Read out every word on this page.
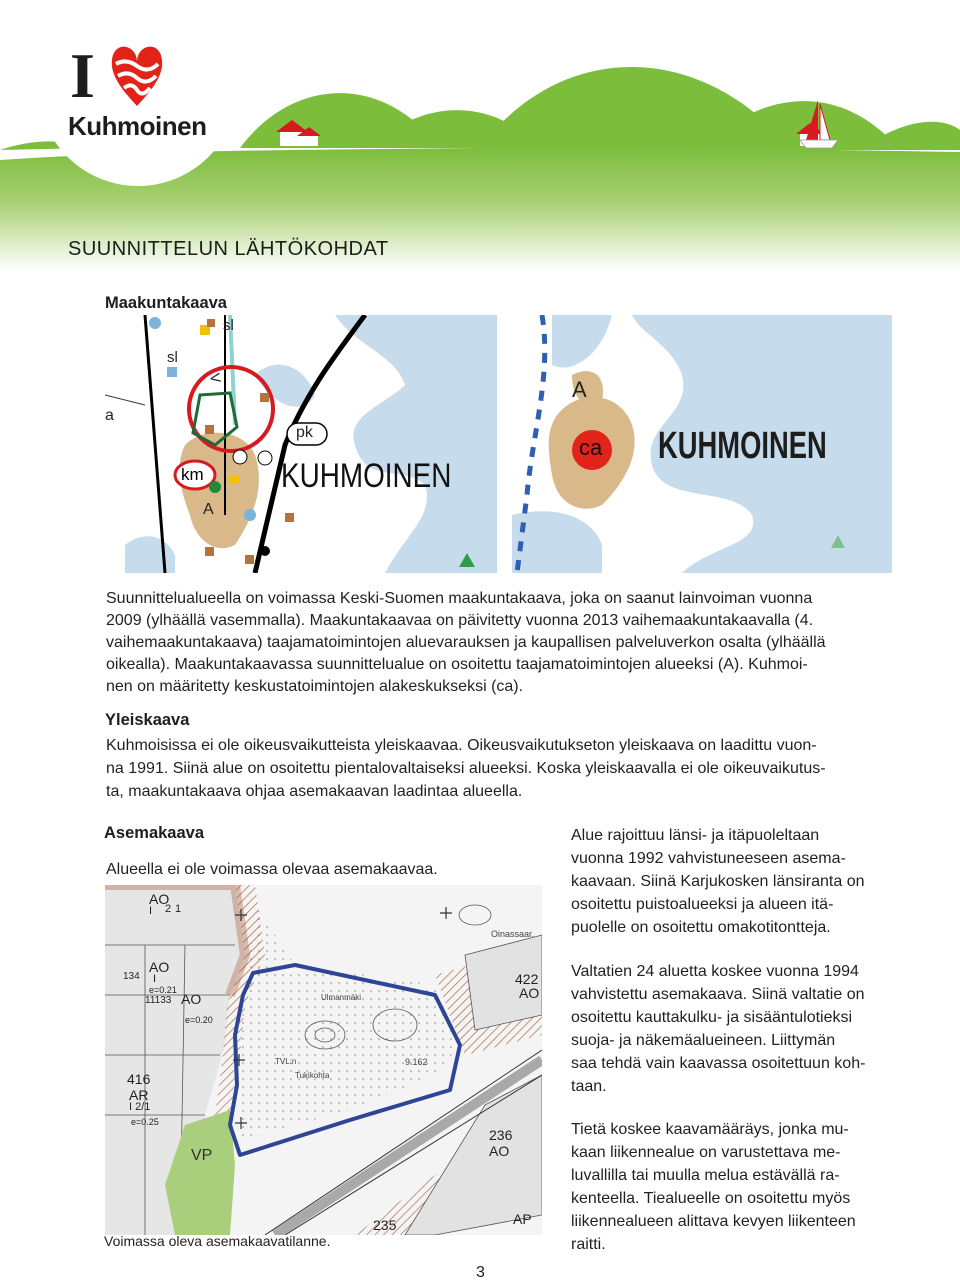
I
Kuhmoinen
SUUNNITTELUN LÄHTÖKOHDAT
Maakuntakaava
sl
sl
a
V
km
pk
A
KUHMOINEN
A
ca KUHMOINEN
Suunnittelualueella on voimassa Keski-Suomen maakuntakaava, joka on saanut lainvoiman vuonna
2009 (ylhäällä vasemmalla). Maakuntakaavaa on päivitetty vuonna 2013 vaihemaakuntakaavalla (4.
vaihemaakuntakaava) taajamatoimintojen aluevarauksen ja kaupallisen palveluverkon osalta (ylhäällä
oikealla). Maakuntakaavassa suunnittelualue on osoitettu taajamatoimintojen alueeksi (A). Kuhmoi-
nen on määritetty keskustatoimintojen alakeskukseksi (ca).
Yleiskaava
Kuhmoisissa ei ole oikeusvaikutteista yleiskaavaa. Oikeusvaikutukseton yleiskaava on laadittu vuon-
na 1991. Siinä alue on osoitettu pientalovaltaiseksi alueeksi. Koska yleiskaavalla ei ole oikeuvaikutus-
ta, maakuntakaava ohjaa asemakaavan laadintaa alueella.
Asemakaava
Alueella ei ole voimassa olevaa asemakaavaa.
AO
I 2 1
AO
I
134
11133 AO
e=0.21
e=0.20
416
AR
I 2/1
e=0.25
VP
236
AO
AP
235
422
AO
Oinassaar.
Ulmanmäki
TVL:n
Tukikohta
9.162
Voimassa oleva asemakaavatilanne.
Alue rajoittuu länsi- ja itäpuoleltaan
vuonna 1992 vahvistuneeseen asema-
kaavaan. Siinä Karjukosken länsiranta on
osoitettu puistoalueeksi ja alueen itä-
puolelle on osoitettu omakotitontteja.
Valtatien 24 aluetta koskee vuonna 1994
vahvistettu asemakaava. Siinä valtatie on
osoitettu kauttakulku- ja sisääntulotieksi
suoja- ja näkemäalueineen. Liittymän
saa tehdä vain kaavassa osoitettuun koh-
taan.
Tietä koskee kaavamääräys, jonka mu-
kaan liikennealue on varustettava me-
luvallilla tai muulla melua estävällä ra-
kenteella. Tiealueelle on osoitettu myös
liikennealueen alittava kevyen liikenteen
raitti.
3
